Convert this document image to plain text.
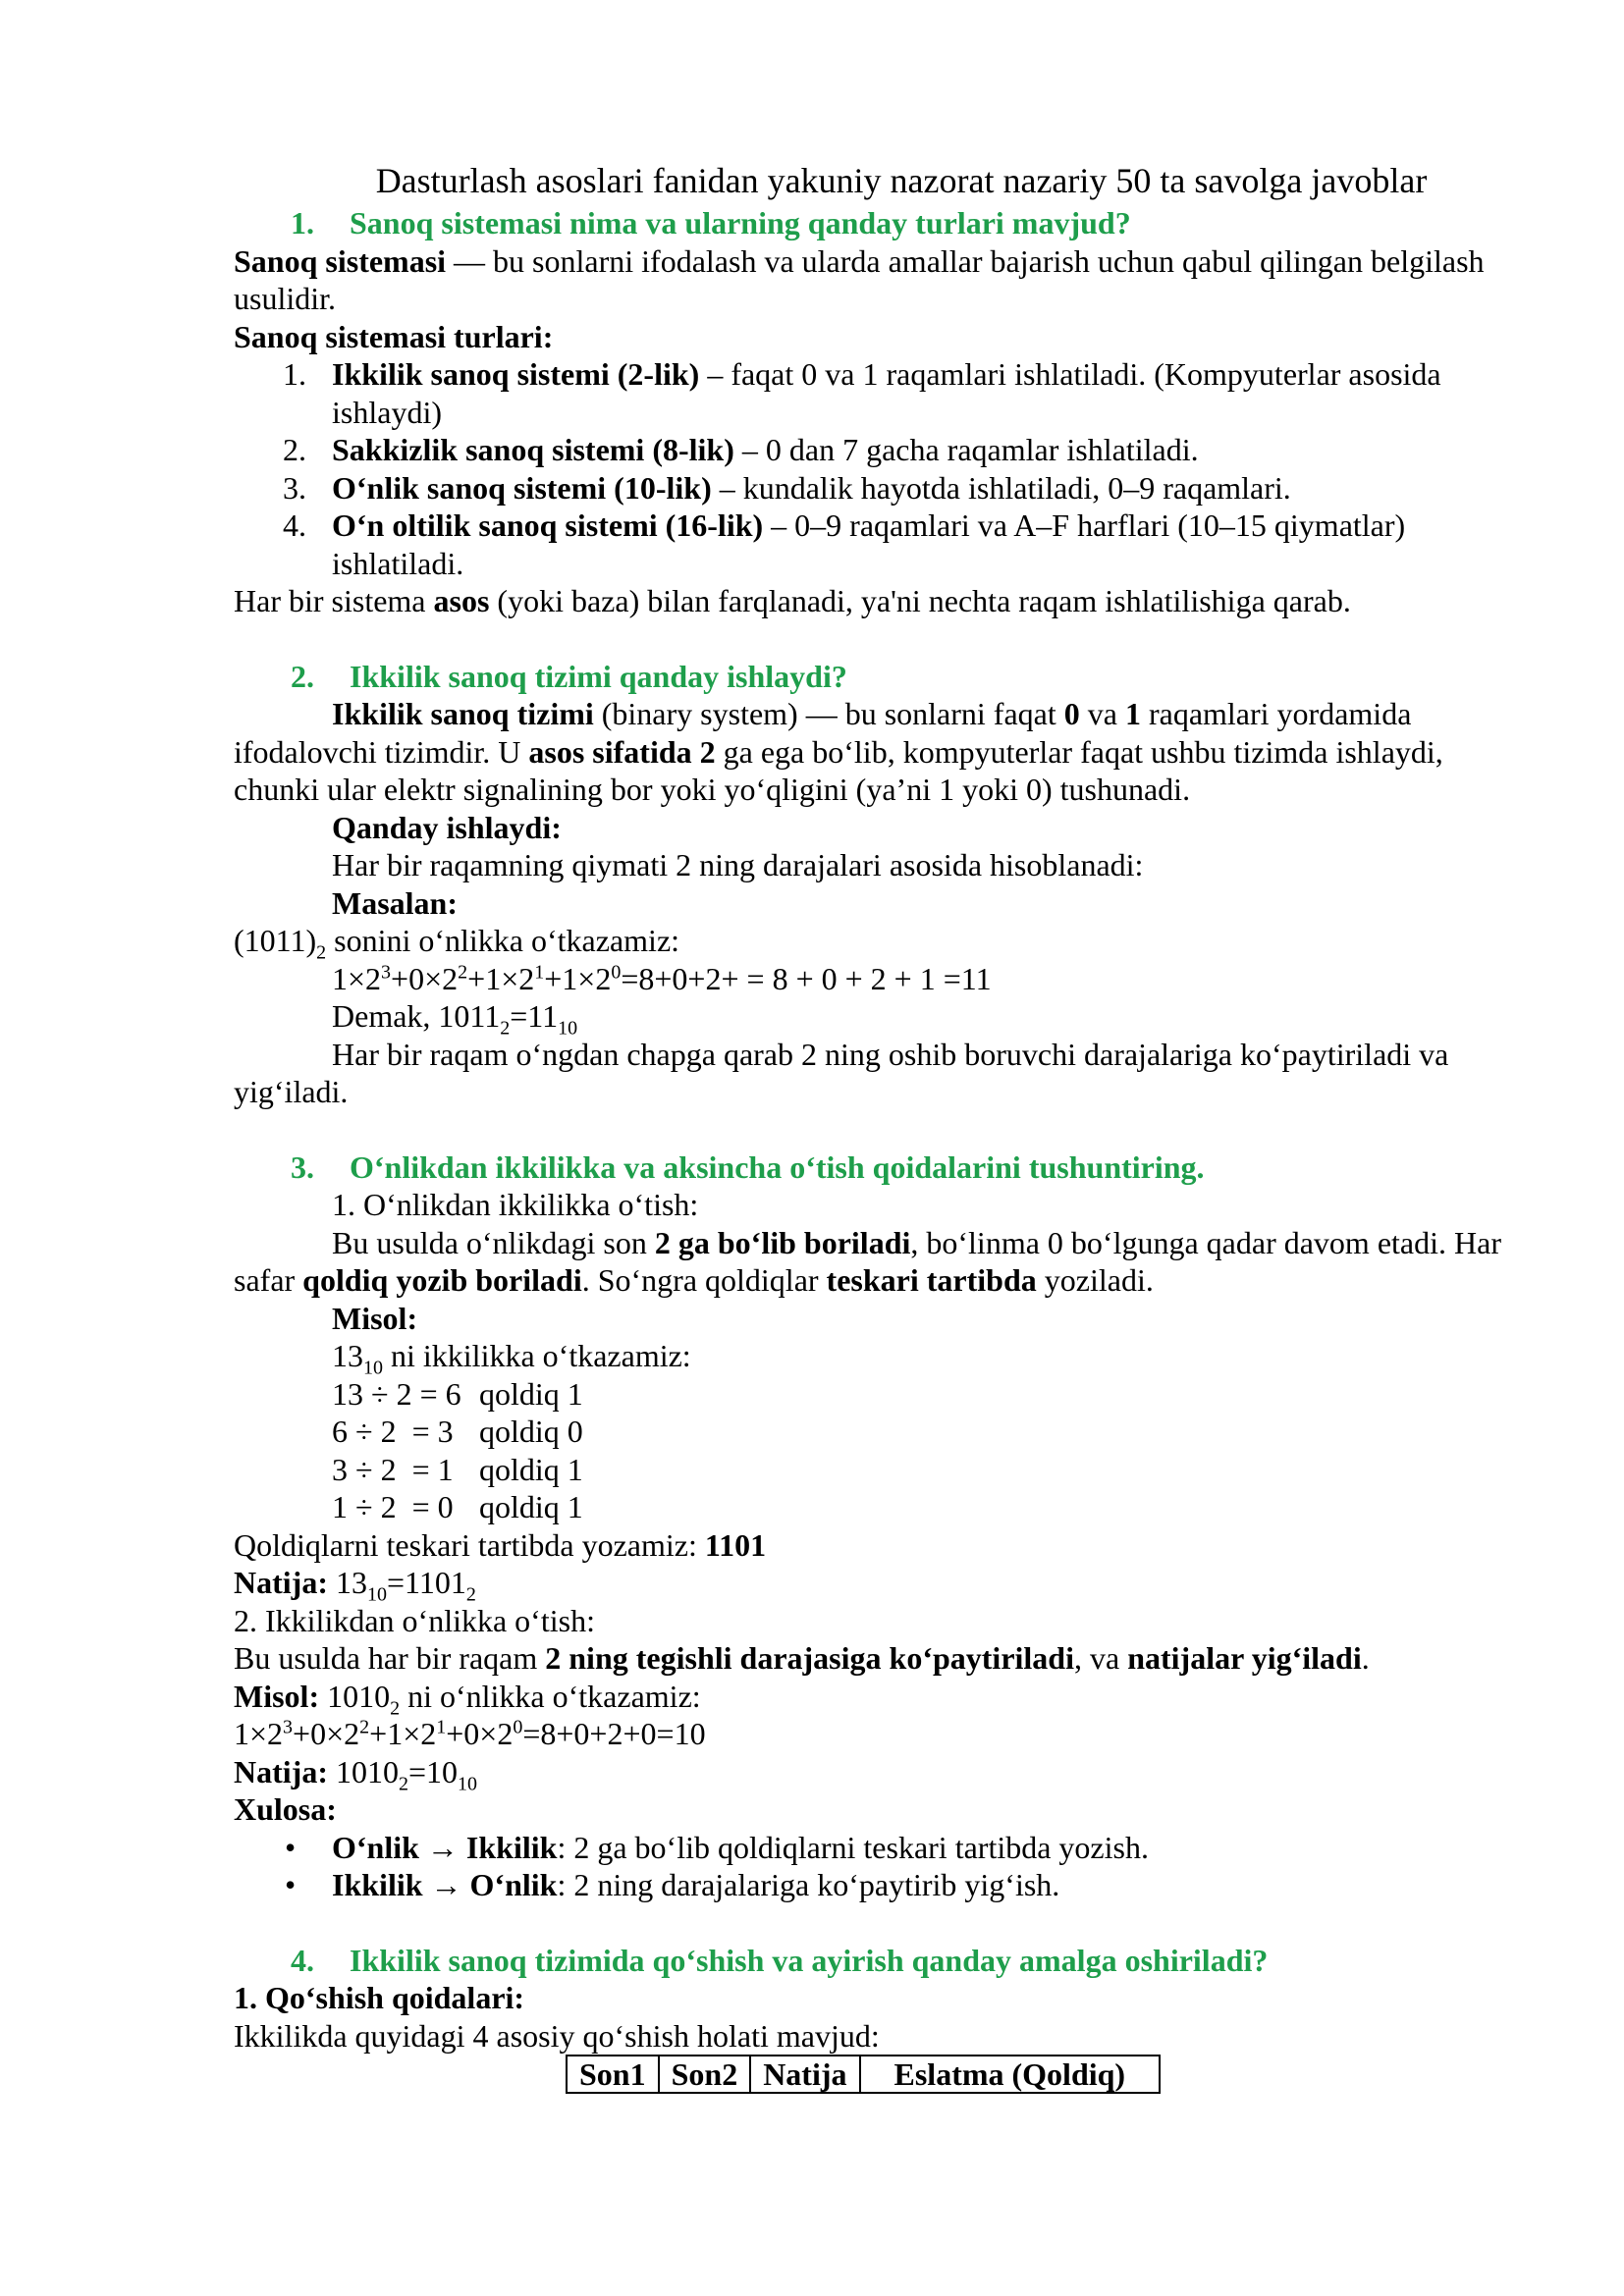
Dasturlash asoslari fanidan yakuniy nazorat nazariy 50 ta savolga javoblar
1. Sanoq sistemasi nima va ularning qanday turlari mavjud?
Sanoq sistemasi — bu sonlarni ifodalash va ularda amallar bajarish uchun qabul qilingan belgilash usulidir.
Sanoq sistemasi turlari:
1. Ikkilik sanoq sistemi (2-lik) – faqat 0 va 1 raqamlari ishlatiladi. (Kompyuterlar asosida ishlaydi)
2. Sakkizlik sanoq sistemi (8-lik) – 0 dan 7 gacha raqamlar ishlatiladi.
3. O‘nlik sanoq sistemi (10-lik) – kundalik hayotda ishlatiladi, 0–9 raqamlari.
4. O‘n oltilik sanoq sistemi (16-lik) – 0–9 raqamlari va A–F harflari (10–15 qiymatlar) ishlatiladi.
Har bir sistema asos (yoki baza) bilan farqlanadi, ya'ni nechta raqam ishlatilishiga qarab.
2. Ikkilik sanoq tizimi qanday ishlaydi?
Ikkilik sanoq tizimi (binary system) — bu sonlarni faqat 0 va 1 raqamlari yordamida ifodalovchi tizimdir. U asos sifatida 2 ga ega bo‘lib, kompyuterlar faqat ushbu tizimda ishlaydi, chunki ular elektr signalining bor yoki yo‘qligini (ya’ni 1 yoki 0) tushunadi.
Qanday ishlaydi:
Har bir raqamning qiymati 2 ning darajalari asosida hisoblanadi:
Masalan:
$(1011)_2$ sonini o‘nlikka o‘tkazamiz:
$1\times 2^3+0\times 2^2+1\times 2^1+1\times 2^0=8+0+2+ = 8 + 0 + 2 + 1 =11$
Demak, $1011_2=11_{10}$
Har bir raqam o‘ngdan chapga qarab 2 ning oshib boruvchi darajalariga ko‘paytiriladi va yig‘iladi.
3. O‘nlikdan ikkilikka va aksincha o‘tish qoidalarini tushuntiring.
1. O‘nlikdan ikkilikka o‘tish:
Bu usulda o‘nlikdagi son 2 ga bo‘lib boriladi, bo‘linma 0 bo‘lgunga qadar davom etadi. Har safar qoldiq yozib boriladi. So‘ngra qoldiqlar teskari tartibda yoziladi.
Misol:
$13_{10}$ ni ikkilikka o‘tkazamiz:
13 ÷ 2 = 6 qoldiq 1
6 ÷ 2  = 3 qoldiq 0
3 ÷ 2  = 1 qoldiq 1
1 ÷ 2  = 0 qoldiq 1
Qoldiqlarni teskari tartibda yozamiz: 1101
Natija: $13_{10}=1101_2$
2. Ikkilikdan o‘nlikka o‘tish:
Bu usulda har bir raqam 2 ning tegishli darajasiga ko‘paytiriladi, va natijalar yig‘iladi.
Misol: $1010_2$ ni o‘nlikka o‘tkazamiz:
$1\times 2^3+0\times 2^2+1\times 2^1+0\times 2^0=8+0+2+0=10$
Natija: $1010_2=10_{10}$
Xulosa:
• O‘nlik → Ikkilik: 2 ga bo‘lib qoldiqlarni teskari tartibda yozish.
• Ikkilik → O‘nlik: 2 ning darajalariga ko‘paytirib yig‘ish.
4. Ikkilik sanoq tizimida qo‘shish va ayirish qanday amalga oshiriladi?
1. Qo‘shish qoidalari:
Ikkilikda quyidagi 4 asosiy qo‘shish holati mavjud:
Son1	Son2	Natija	Eslatma (Qoldiq)
